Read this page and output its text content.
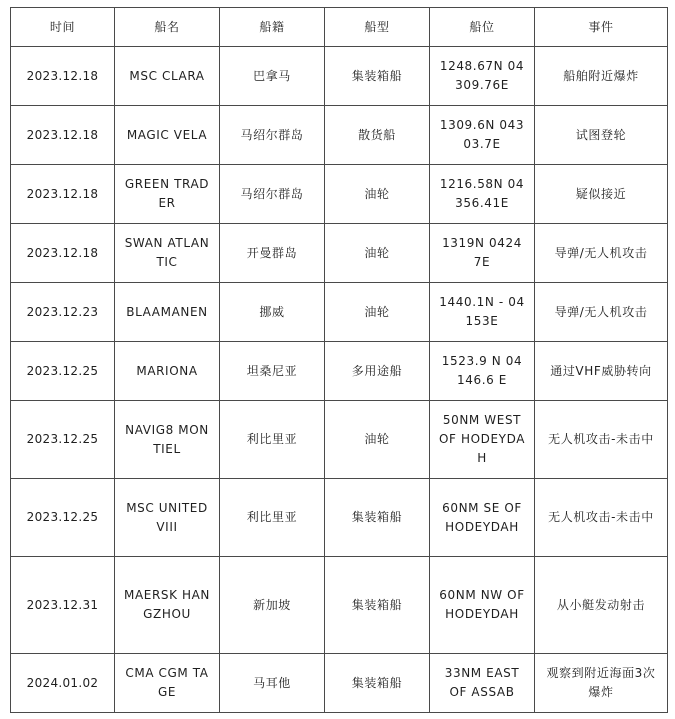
时间	船名	船籍	船型	船位	事件
2023.12.18	MSC CLARA	巴拿马	集装箱船	1248.67N 04309.76E	船舶附近爆炸
2023.12.18	MAGIC VELA	马绍尔群岛	散货船	1309.6N 04303.7E	试图登轮
2023.12.18	GREEN TRADER	马绍尔群岛	油轮	1216.58N 04356.41E	疑似接近
2023.12.18	SWAN ATLANTIC	开曼群岛	油轮	1319N 04247E	导弹/无人机攻击
2023.12.23	BLAAMANEN	挪威	油轮	1440.1N - 04153E	导弹/无人机攻击
2023.12.25	MARIONA	坦桑尼亚	多用途船	1523.9 N 04146.6 E	通过VHF威胁转向
2023.12.25	NAVIG8 MONTIEL	利比里亚	油轮	50NM WEST OF HODEYDAH	无人机攻击-未击中
2023.12.25	MSC UNITED VIII	利比里亚	集装箱船	60NM SE OF HODEYDAH	无人机攻击-未击中
2023.12.31	MAERSK HANGZHOU	新加坡	集装箱船	60NM NW OF HODEYDAH	从小艇发动射击
2024.01.02	CMA CGM TAGE	马耳他	集装箱船	33NM EAST OF ASSAB	观察到附近海面3次爆炸
